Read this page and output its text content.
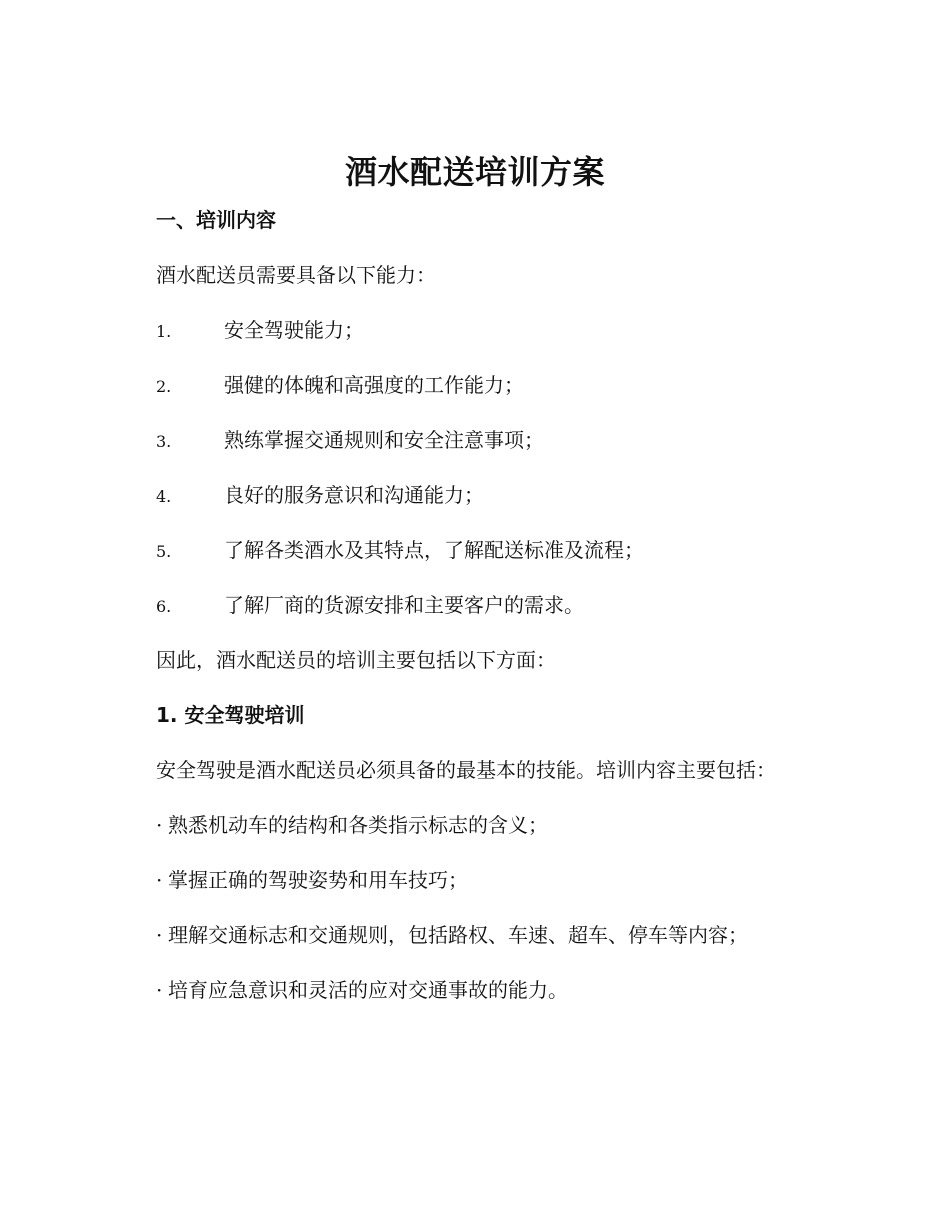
酒水配送培训方案
一、培训内容
酒水配送员需要具备以下能力：
1.	安全驾驶能力；
2.	强健的体魄和高强度的工作能力；
3.	熟练掌握交通规则和安全注意事项；
4.	良好的服务意识和沟通能力；
5.	了解各类酒水及其特点，了解配送标准及流程；
6.	了解厂商的货源安排和主要客户的需求。
因此，酒水配送员的培训主要包括以下方面：
1. 安全驾驶培训
安全驾驶是酒水配送员必须具备的最基本的技能。培训内容主要包括：
· 熟悉机动车的结构和各类指示标志的含义；
· 掌握正确的驾驶姿势和用车技巧；
· 理解交通标志和交通规则，包括路权、车速、超车、停车等内容；
· 培育应急意识和灵活的应对交通事故的能力。
